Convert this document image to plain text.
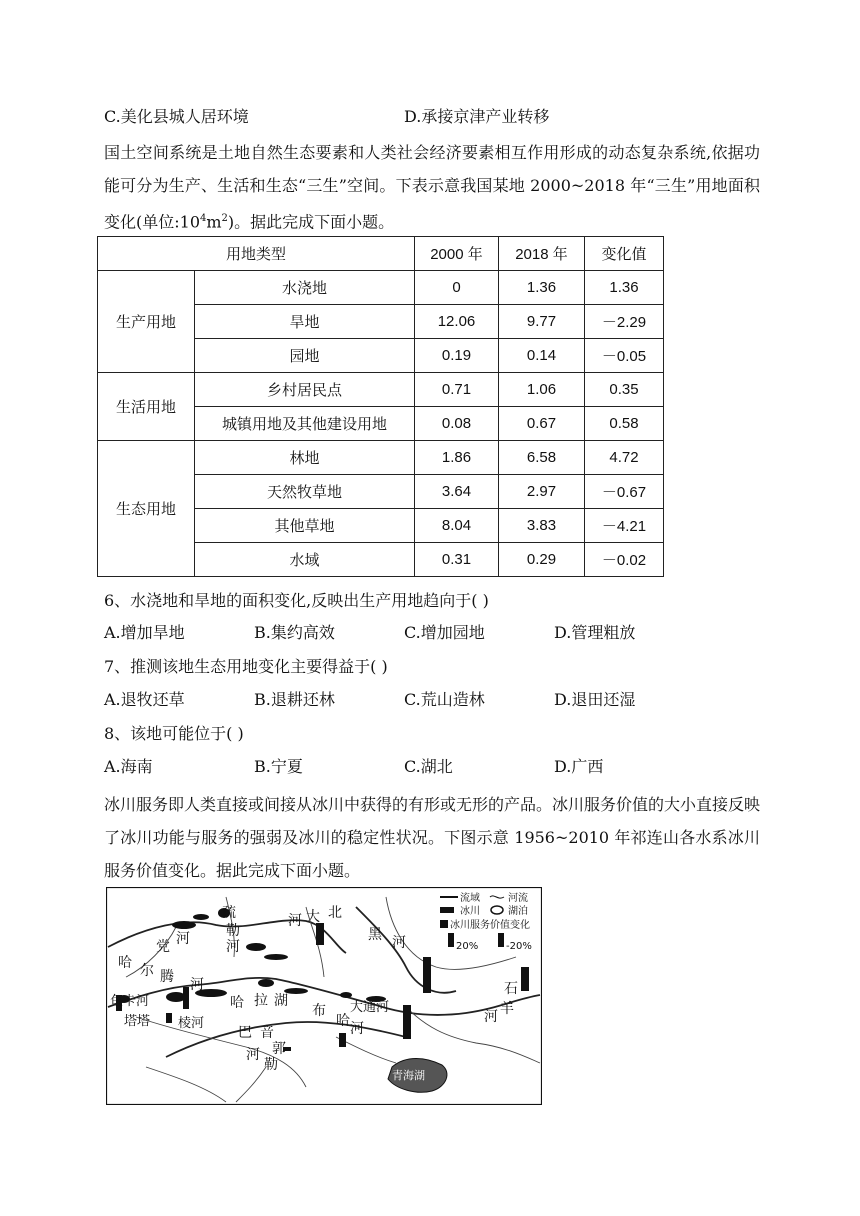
C.美化县城人居环境	D.承接京津产业转移
国土空间系统是土地自然生态要素和人类社会经济要素相互作用形成的动态复杂系统,依据功能可分为生产、生活和生态“三生”空间。下表示意我国某地 2000~2018 年“三生”用地面积变化(单位$:10^4m^2$)。据此完成下面小题。
用地类型		2000 年	2018 年	变化值
生产用地	水浇地	0	1.36	1.36
	旱地	12.06	9.77	－2.29
	园地	0.19	0.14	－0.05
生活用地	乡村居民点	0.71	1.06	0.35
	城镇用地及其他建设用地	0.08	0.67	0.58
生态用地	林地	1.86	6.58	4.72
	天然牧草地	3.64	2.97	－0.67
	其他草地	8.04	3.83	－4.21
	水域	0.31	0.29	－0.02
6、水浇地和旱地的面积变化,反映出生产用地趋向于( )
A.增加旱地	B.集约高效	C.增加园地	D.管理粗放
7、推测该地生态用地变化主要得益于( )
A.退牧还草	B.退耕还林	C.荒山造林	D.退田还湿
8、该地可能位于( )
A.海南	B.宁夏	C.湖北	D.广西
冰川服务即人类直接或间接从冰川中获得的有形或无形的产品。冰川服务价值的大小直接反映了冰川功能与服务的强弱及冰川的稳定性状况。下图示意 1956~2010 年祁连山各水系冰川服务价值变化。据此完成下面小题。
流域	河流
冰川	湖泊
冰川服务价值变化
20%	-20%
疏
勒
河
党 河
哈 尔 腾 河
鱼卡河
塔塔 棱河
哈 拉 湖
巴 音
郭
勒
河
布
哈 河
大通河
青海湖
北
大
河
黑 河
石
羊
河
